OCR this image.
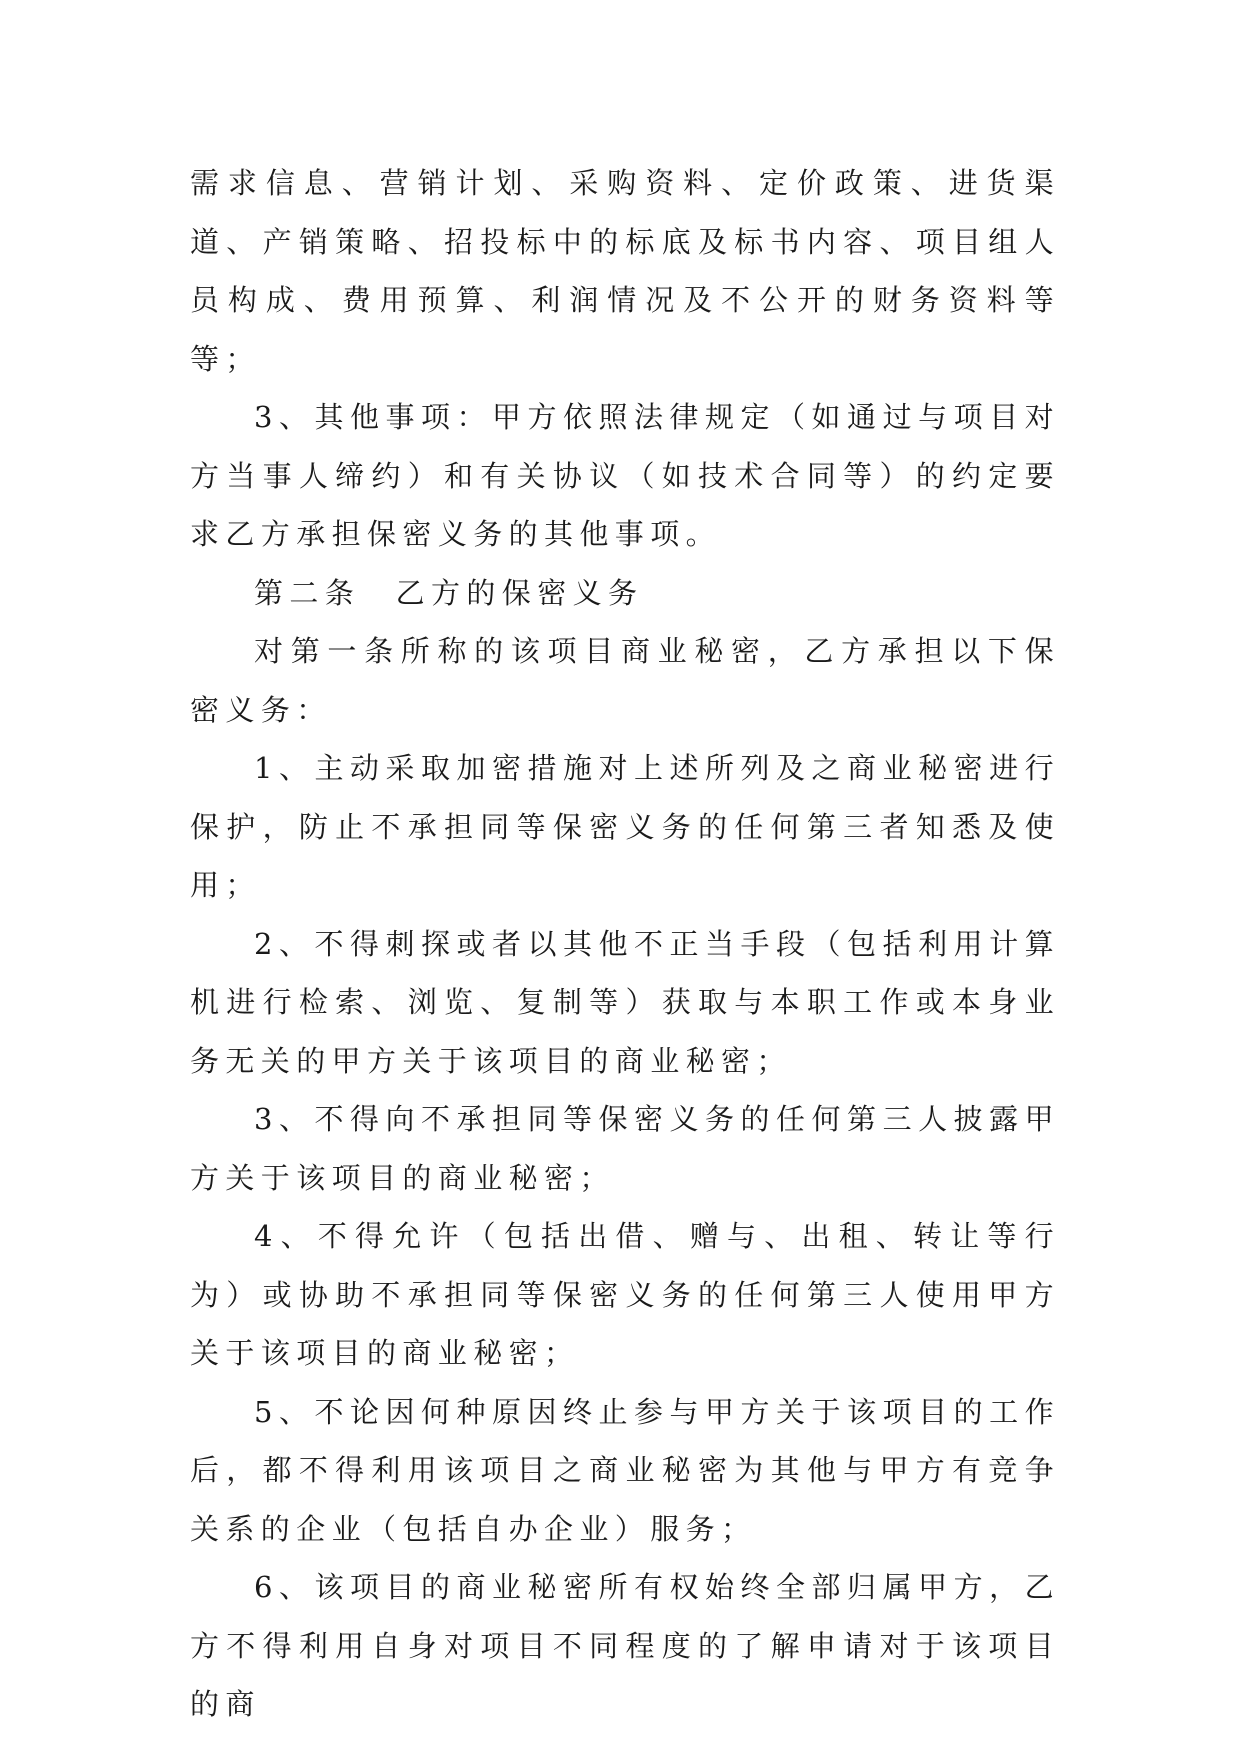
需求信息、营销计划、采购资料、定价政策、进货渠道、产销策略、招投标中的标底及标书内容、项目组人员构成、费用预算、利润情况及不公开的财务资料等等；

3、其他事项：甲方依照法律规定（如通过与项目对方当事人缔约）和有关协议（如技术合同等）的约定要求乙方承担保密义务的其他事项。

第二条　乙方的保密义务

对第一条所称的该项目商业秘密，乙方承担以下保密义务：

1、主动采取加密措施对上述所列及之商业秘密进行保护，防止不承担同等保密义务的任何第三者知悉及使用；

2、不得刺探或者以其他不正当手段（包括利用计算机进行检索、浏览、复制等）获取与本职工作或本身业务无关的甲方关于该项目的商业秘密；

3、不得向不承担同等保密义务的任何第三人披露甲方关于该项目的商业秘密；

4、不得允许（包括出借、赠与、出租、转让等行为）或协助不承担同等保密义务的任何第三人使用甲方关于该项目的商业秘密；

5、不论因何种原因终止参与甲方关于该项目的工作后，都不得利用该项目之商业秘密为其他与甲方有竞争关系的企业（包括自办企业）服务；

6、该项目的商业秘密所有权始终全部归属甲方，乙方不得利用自身对项目不同程度的了解申请对于该项目的商
